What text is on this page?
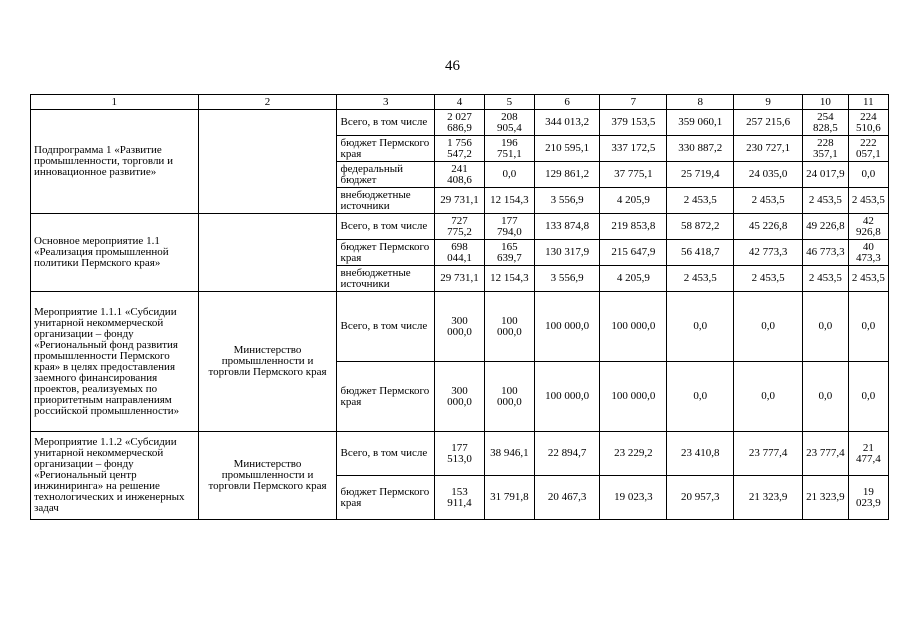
46
1	2	3	4	5	6	7	8	9	10	11
Подпрограмма 1 «Развитие промышленности, торговли и инновационное развитие»		Всего, в том числе	2 027 686,9	208 905,4	344 013,2	379 153,5	359 060,1	257 215,6	254 828,5	224 510,6
		бюджет Пермского края	1 756 547,2	196 751,1	210 595,1	337 172,5	330 887,2	230 727,1	228 357,1	222 057,1
		федеральный бюджет	241 408,6	0,0	129 861,2	37 775,1	25 719,4	24 035,0	24 017,9	0,0
		внебюджетные источники	29 731,1	12 154,3	3 556,9	4 205,9	2 453,5	2 453,5	2 453,5	2 453,5
Основное мероприятие 1.1 «Реализация промышленной политики Пермского края»		Всего, в том числе	727 775,2	177 794,0	133 874,8	219 853,8	58 872,2	45 226,8	49 226,8	42 926,8
		бюджет Пермского края	698 044,1	165 639,7	130 317,9	215 647,9	56 418,7	42 773,3	46 773,3	40 473,3
		внебюджетные источники	29 731,1	12 154,3	3 556,9	4 205,9	2 453,5	2 453,5	2 453,5	2 453,5
Мероприятие 1.1.1 «Субсидии унитарной некоммерческой организации – фонду «Региональный фонд развития промышленности Пермского края» в целях предоставления заемного финансирования проектов, реализуемых по приоритетным направлениям российской промышленности»	Министерство промышленности и торговли Пермского края	Всего, в том числе	300 000,0	100 000,0	100 000,0	100 000,0	0,0	0,0	0,0	0,0
		бюджет Пермского края	300 000,0	100 000,0	100 000,0	100 000,0	0,0	0,0	0,0	0,0
Мероприятие 1.1.2 «Субсидии унитарной некоммерческой организации – фонду «Региональный центр инжиниринга» на решение технологических и инженерных задач	Министерство промышленности и торговли Пермского края	Всего, в том числе	177 513,0	38 946,1	22 894,7	23 229,2	23 410,8	23 777,4	23 777,4	21 477,4
		бюджет Пермского края	153 911,4	31 791,8	20 467,3	19 023,3	20 957,3	21 323,9	21 323,9	19 023,9
